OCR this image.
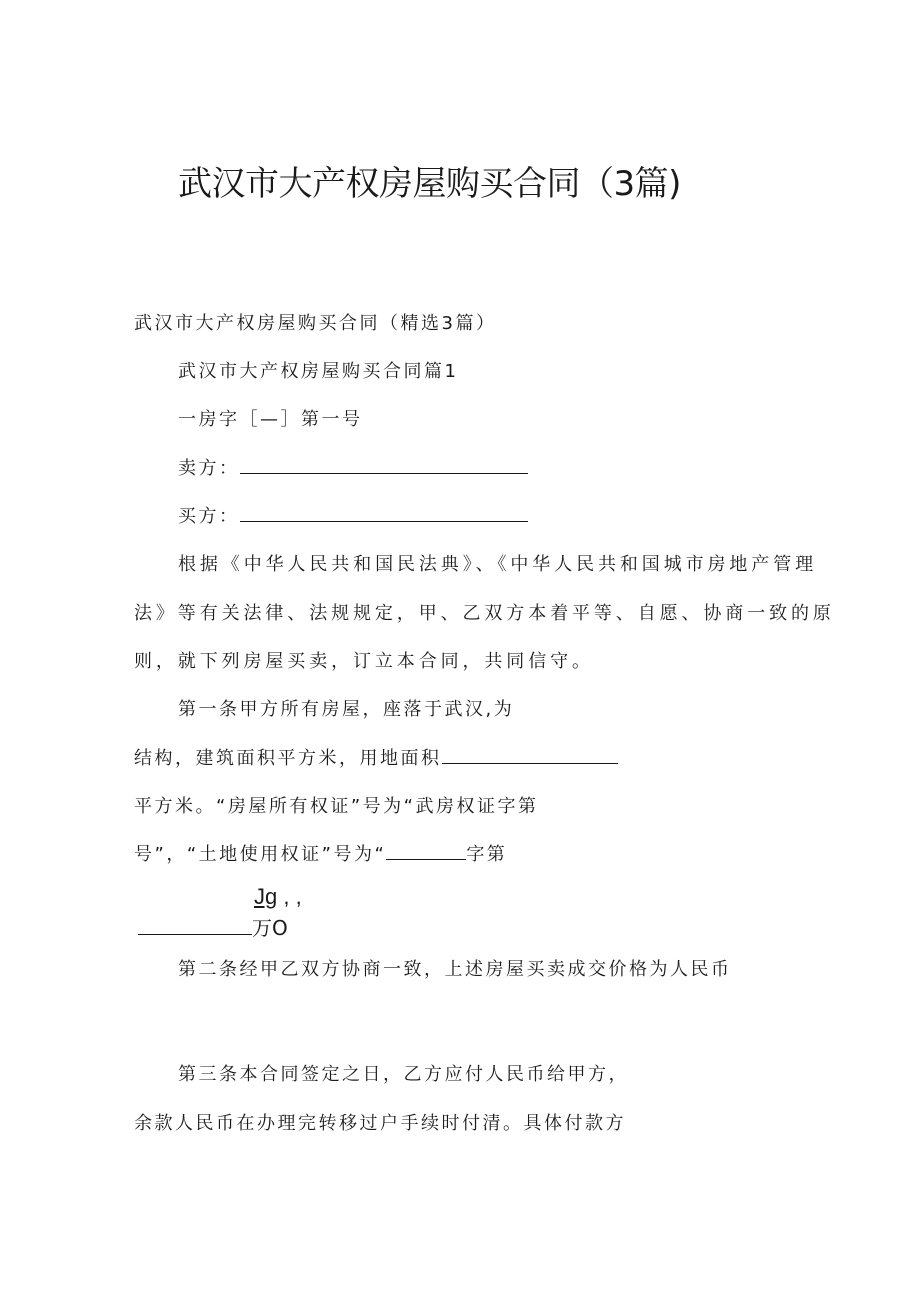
武汉市大产权房屋购买合同（3篇)
武汉市大产权房屋购买合同（精选3篇）
武汉市大产权房屋购买合同篇1
一房字［—］第一号
卖方：
买方：
根据《中华人民共和国民法典》、《中华人民共和国城市房地产管理
法》等有关法律、法规规定，甲、乙双方本着平等、自愿、协商一致的原
则，就下列房屋买卖，订立本合同，共同信守。
第一条甲方所有房屋，座落于武汉,为
结构，建筑面积平方米，用地面积
平方米。“房屋所有权证”号为“武房权证字第
号”，“土地使用权证”号为“	字第
Jg , ,
万O
第二条经甲乙双方协商一致，上述房屋买卖成交价格为人民币
第三条本合同签定之日，乙方应付人民币给甲方，
余款人民币在办理完转移过户手续时付清。具体付款方
